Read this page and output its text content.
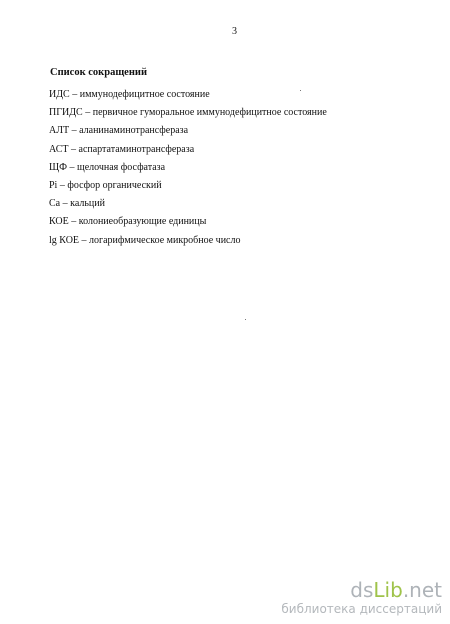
3
Список сокращений
ИДС – иммунодефицитное состояние
ПГИДС – первичное гуморальное иммунодефицитное состояние
АЛТ – аланинаминотрансфераза
АСТ – аспартатаминотрансфераза
ЩФ – щелочная фосфатаза
Pi – фосфор органический
Ca – кальций
КОЕ – колониеобразующие единицы
lg КОЕ – логарифмическое микробное число
dsLib.net
библиотека диссертаций
